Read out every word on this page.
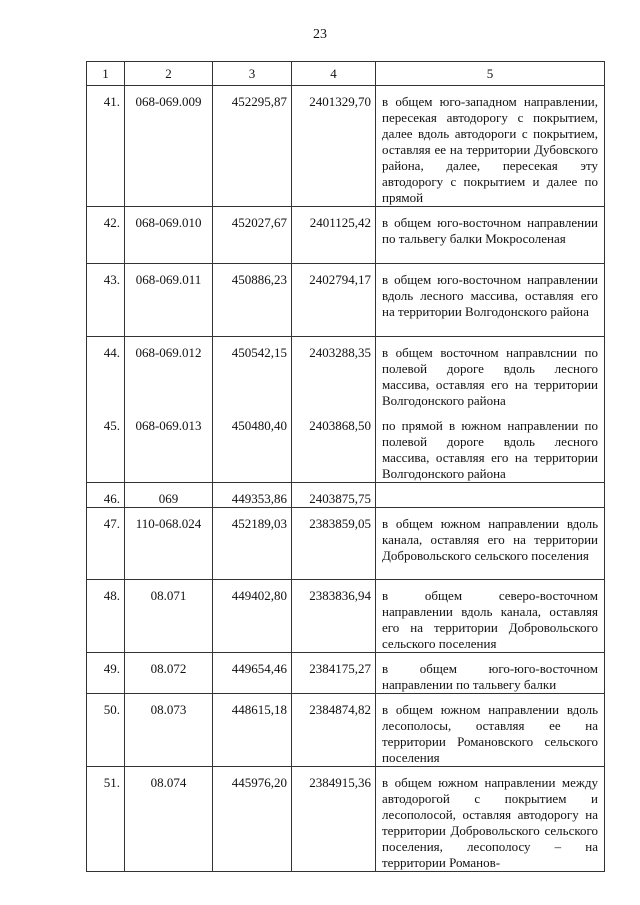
23
1	2	3	4	5
41.	068-069.009	452295,87	2401329,70	в общем юго-западном направлении, пересекая автодорогу с покрытием, далее вдоль автодороги с покрытием, оставляя ее на территории Дубовского района, далее, пересекая эту автодорогу с покрытием и далее по прямой
42.	068-069.010	452027,67	2401125,42	в общем юго-восточном направлении по тальвегу балки Мокросоленая
43.	068-069.011	450886,23	2402794,17	в общем юго-восточном направлении вдоль лесного массива, оставляя его на территории Волгодонского района
44.	068-069.012	450542,15	2403288,35	в общем восточном направлснии по полевой дороге вдоль лесного массива, оставляя его на территории Волгодонского района
45.	068-069.013	450480,40	2403868,50	по прямой в южном направлении по полевой дороге вдоль лесного массива, оставляя его на территории Волгодонского района
46.	069	449353,86	2403875,75	
47.	110-068.024	452189,03	2383859,05	в общем южном направлении вдоль канала, оставляя его на территории Добровольского сельского поселения
48.	08.071	449402,80	2383836,94	в общем северо-восточном направлении вдоль канала, оставляя его на территории Добровольского сельского поселения
49.	08.072	449654,46	2384175,27	в общем юго-юго-восточном направлении по тальвегу балки
50.	08.073	448615,18	2384874,82	в общем южном направлении вдоль лесополосы, оставляя ее на территории Романовского сельского поселения
51.	08.074	445976,20	2384915,36	в общем южном направлении между автодорогой с покрытием и лесополосой, оставляя автодорогу на территории Добровольского сельского поселения, лесополосу – на территории Романов-
